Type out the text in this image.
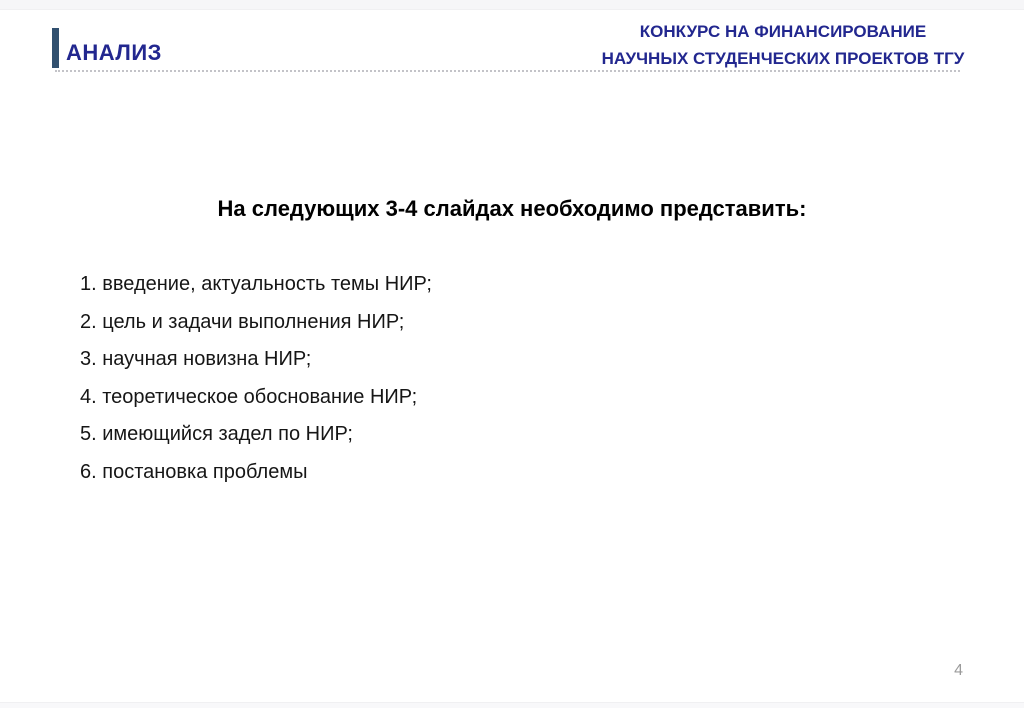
АНАЛИЗ
КОНКУРС НА ФИНАНСИРОВАНИЕ
НАУЧНЫХ СТУДЕНЧЕСКИХ ПРОЕКТОВ ТГУ
На следующих 3-4 слайдах необходимо представить:
1. введение, актуальность темы НИР;
2. цель и задачи выполнения НИР;
3. научная новизна НИР;
4. теоретическое обоснование НИР;
5. имеющийся задел по НИР;
6. постановка проблемы
4
